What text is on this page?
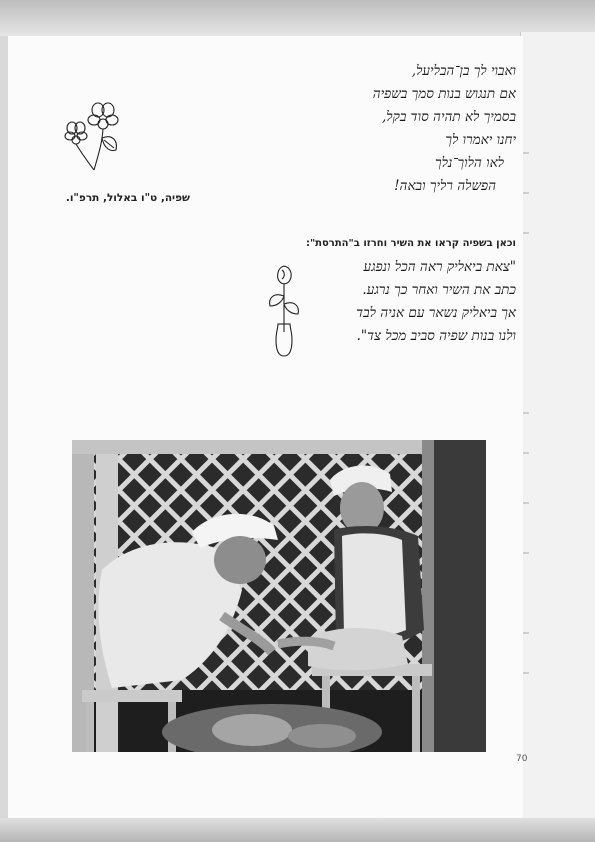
70
ואבוי לך בן־הבליעל,
אם תנגוש בנות סמך בשפיה
בסמיך לא תהיה סוד בקל,
יחנו יאמרו לך
לאו הלוך־נלך
הפשלה רליך ובאה!
שפיה, ט"ו באלול, תרפ"ו.
וכאן בשפיה קראו את השיר וחרזו ב"התרסת":
"צאת ביאליק ראה הכל ונפגע
כתב את השיר ואחר כך נרגע.
אך ביאליק נשאר עם אניה לבד
ולנו בנות שפיה סביב מכל צד".
